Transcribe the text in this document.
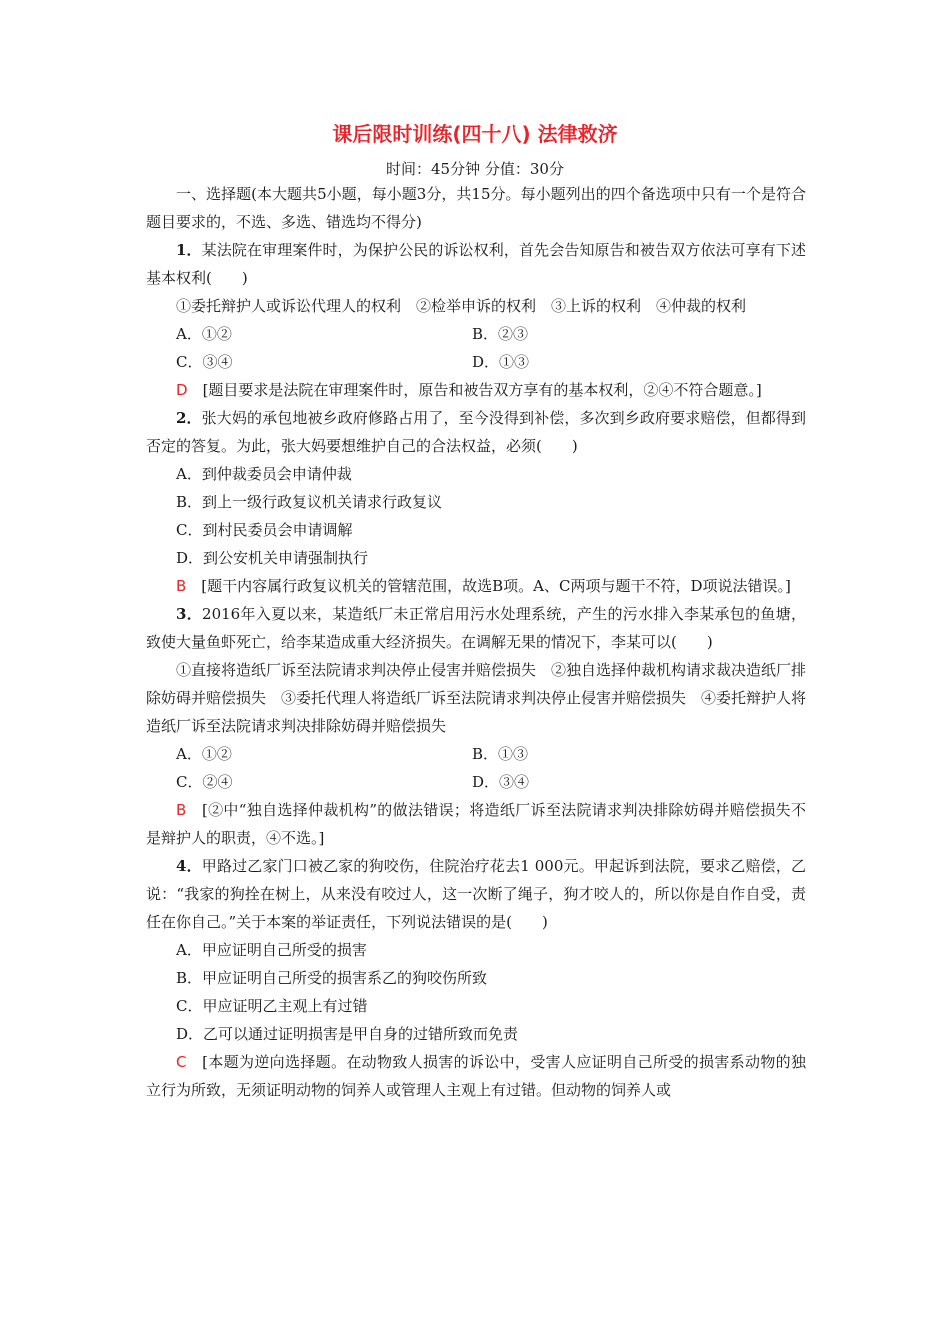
课后限时训练(四十八) 法律救济
时间：45分钟 分值：30分

一、选择题(本大题共5小题，每小题3分，共15分。每小题列出的四个备选项中只有一个是符合题目要求的，不选、多选、错选均不得分)

1．某法院在审理案件时，为保护公民的诉讼权利，首先会告知原告和被告双方依法可享有下述基本权利(　　)

①委托辩护人或诉讼代理人的权利　②检举申诉的权利　③上诉的权利　④仲裁的权利

A．①②	B．②③
C．③④	D．①③

D　[题目要求是法院在审理案件时，原告和被告双方享有的基本权利，②④不符合题意。]

2．张大妈的承包地被乡政府修路占用了，至今没得到补偿，多次到乡政府要求赔偿，但都得到否定的答复。为此，张大妈要想维护自己的合法权益，必须(　　)

A．到仲裁委员会申请仲裁

B．到上一级行政复议机关请求行政复议

C．到村民委员会申请调解

D．到公安机关申请强制执行

B　[题干内容属行政复议机关的管辖范围，故选B项。A、C两项与题干不符，D项说法错误。]

3．2016年入夏以来，某造纸厂未正常启用污水处理系统，产生的污水排入李某承包的鱼塘，致使大量鱼虾死亡，给李某造成重大经济损失。在调解无果的情况下，李某可以(　　)

①直接将造纸厂诉至法院请求判决停止侵害并赔偿损失　②独自选择仲裁机构请求裁决造纸厂排除妨碍并赔偿损失　③委托代理人将造纸厂诉至法院请求判决停止侵害并赔偿损失　④委托辩护人将造纸厂诉至法院请求判决排除妨碍并赔偿损失

A．①②	B．①③
C．②④	D．③④

B　[②中“独自选择仲裁机构”的做法错误；将造纸厂诉至法院请求判决排除妨碍并赔偿损失不是辩护人的职责，④不选。]

4．甲路过乙家门口被乙家的狗咬伤，住院治疗花去1 000元。甲起诉到法院，要求乙赔偿，乙说：“我家的狗拴在树上，从来没有咬过人，这一次断了绳子，狗才咬人的，所以你是自作自受，责任在你自己。”关于本案的举证责任，下列说法错误的是(　　)

A．甲应证明自己所受的损害

B．甲应证明自己所受的损害系乙的狗咬伤所致

C．甲应证明乙主观上有过错

D．乙可以通过证明损害是甲自身的过错所致而免责

C　[本题为逆向选择题。在动物致人损害的诉讼中，受害人应证明自己所受的损害系动物的独立行为所致，无须证明动物的饲养人或管理人主观上有过错。但动物的饲养人或
